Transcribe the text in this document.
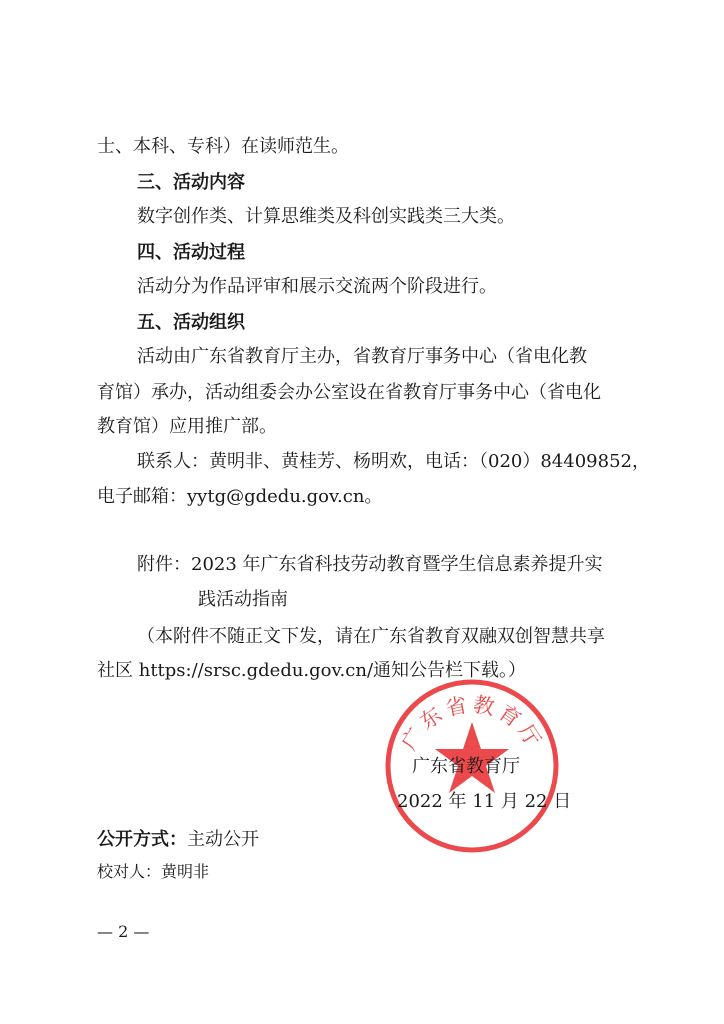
士、本科、专科）在读师范生。
三、活动内容
数字创作类、计算思维类及科创实践类三大类。
四、活动过程
活动分为作品评审和展示交流两个阶段进行。
五、活动组织
活动由广东省教育厅主办，省教育厅事务中心（省电化教
育馆）承办，活动组委会办公室设在省教育厅事务中心（省电化
教育馆）应用推广部。
联系人：黄明非、黄桂芳、杨明欢，电话：（020）84409852，
电子邮箱：yytg@gdedu.gov.cn。
附件：2023 年广东省科技劳动教育暨学生信息素养提升实
践活动指南
（本附件不随正文下发，请在广东省教育双融双创智慧共享
社区 https://srsc.gdedu.gov.cn/通知公告栏下载。）
广东省教育厅
广东省教育厅
2022 年 11 月 22 日
公开方式：主动公开
校对人：黄明非
— 2 —
